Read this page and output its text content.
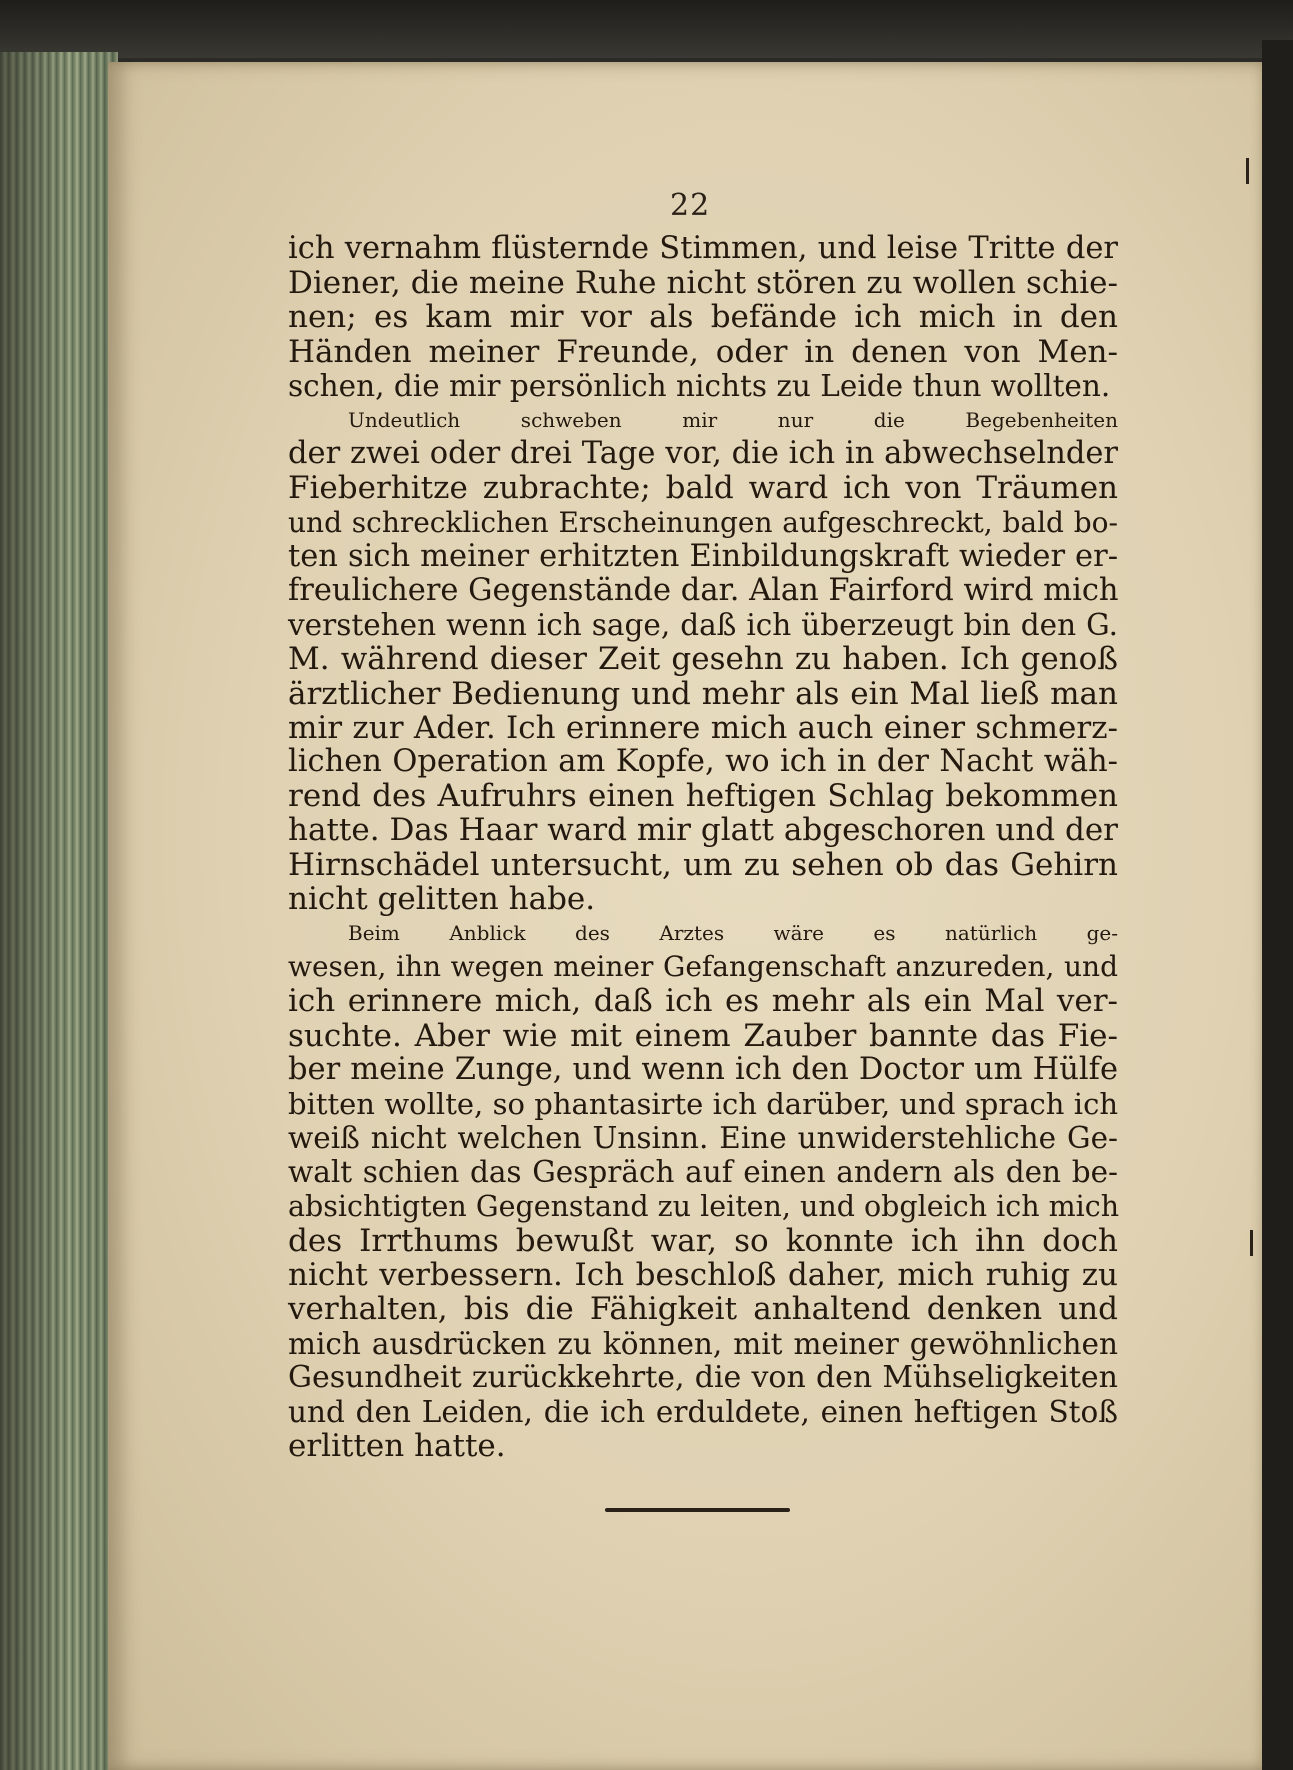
22
ich vernahm flüsternde Stimmen, und leise Tritte der
Diener, die meine Ruhe nicht stören zu wollen schie-
nen; es kam mir vor als befände ich mich in den
Händen meiner Freunde, oder in denen von Men-
schen, die mir persönlich nichts zu Leide thun wollten.
Undeutlich schweben mir nur die Begebenheiten
der zwei oder drei Tage vor, die ich in abwechselnder
Fieberhitze zubrachte; bald ward ich von Träumen
und schrecklichen Erscheinungen aufgeschreckt, bald bo-
ten sich meiner erhitzten Einbildungskraft wieder er-
freulichere Gegenstände dar. Alan Fairford wird mich
verstehen wenn ich sage, daß ich überzeugt bin den G.
M. während dieser Zeit gesehn zu haben. Ich genoß
ärztlicher Bedienung und mehr als ein Mal ließ man
mir zur Ader. Ich erinnere mich auch einer schmerz-
lichen Operation am Kopfe, wo ich in der Nacht wäh-
rend des Aufruhrs einen heftigen Schlag bekommen
hatte. Das Haar ward mir glatt abgeschoren und der
Hirnschädel untersucht, um zu sehen ob das Gehirn
nicht gelitten habe.
Beim Anblick des Arztes wäre es natürlich ge-
wesen, ihn wegen meiner Gefangenschaft anzureden, und
ich erinnere mich, daß ich es mehr als ein Mal ver-
suchte. Aber wie mit einem Zauber bannte das Fie-
ber meine Zunge, und wenn ich den Doctor um Hülfe
bitten wollte, so phantasirte ich darüber, und sprach ich
weiß nicht welchen Unsinn. Eine unwiderstehliche Ge-
walt schien das Gespräch auf einen andern als den be-
absichtigten Gegenstand zu leiten, und obgleich ich mich
des Irrthums bewußt war, so konnte ich ihn doch
nicht verbessern. Ich beschloß daher, mich ruhig zu
verhalten, bis die Fähigkeit anhaltend denken und
mich ausdrücken zu können, mit meiner gewöhnlichen
Gesundheit zurückkehrte, die von den Mühseligkeiten
und den Leiden, die ich erduldete, einen heftigen Stoß
erlitten hatte.
